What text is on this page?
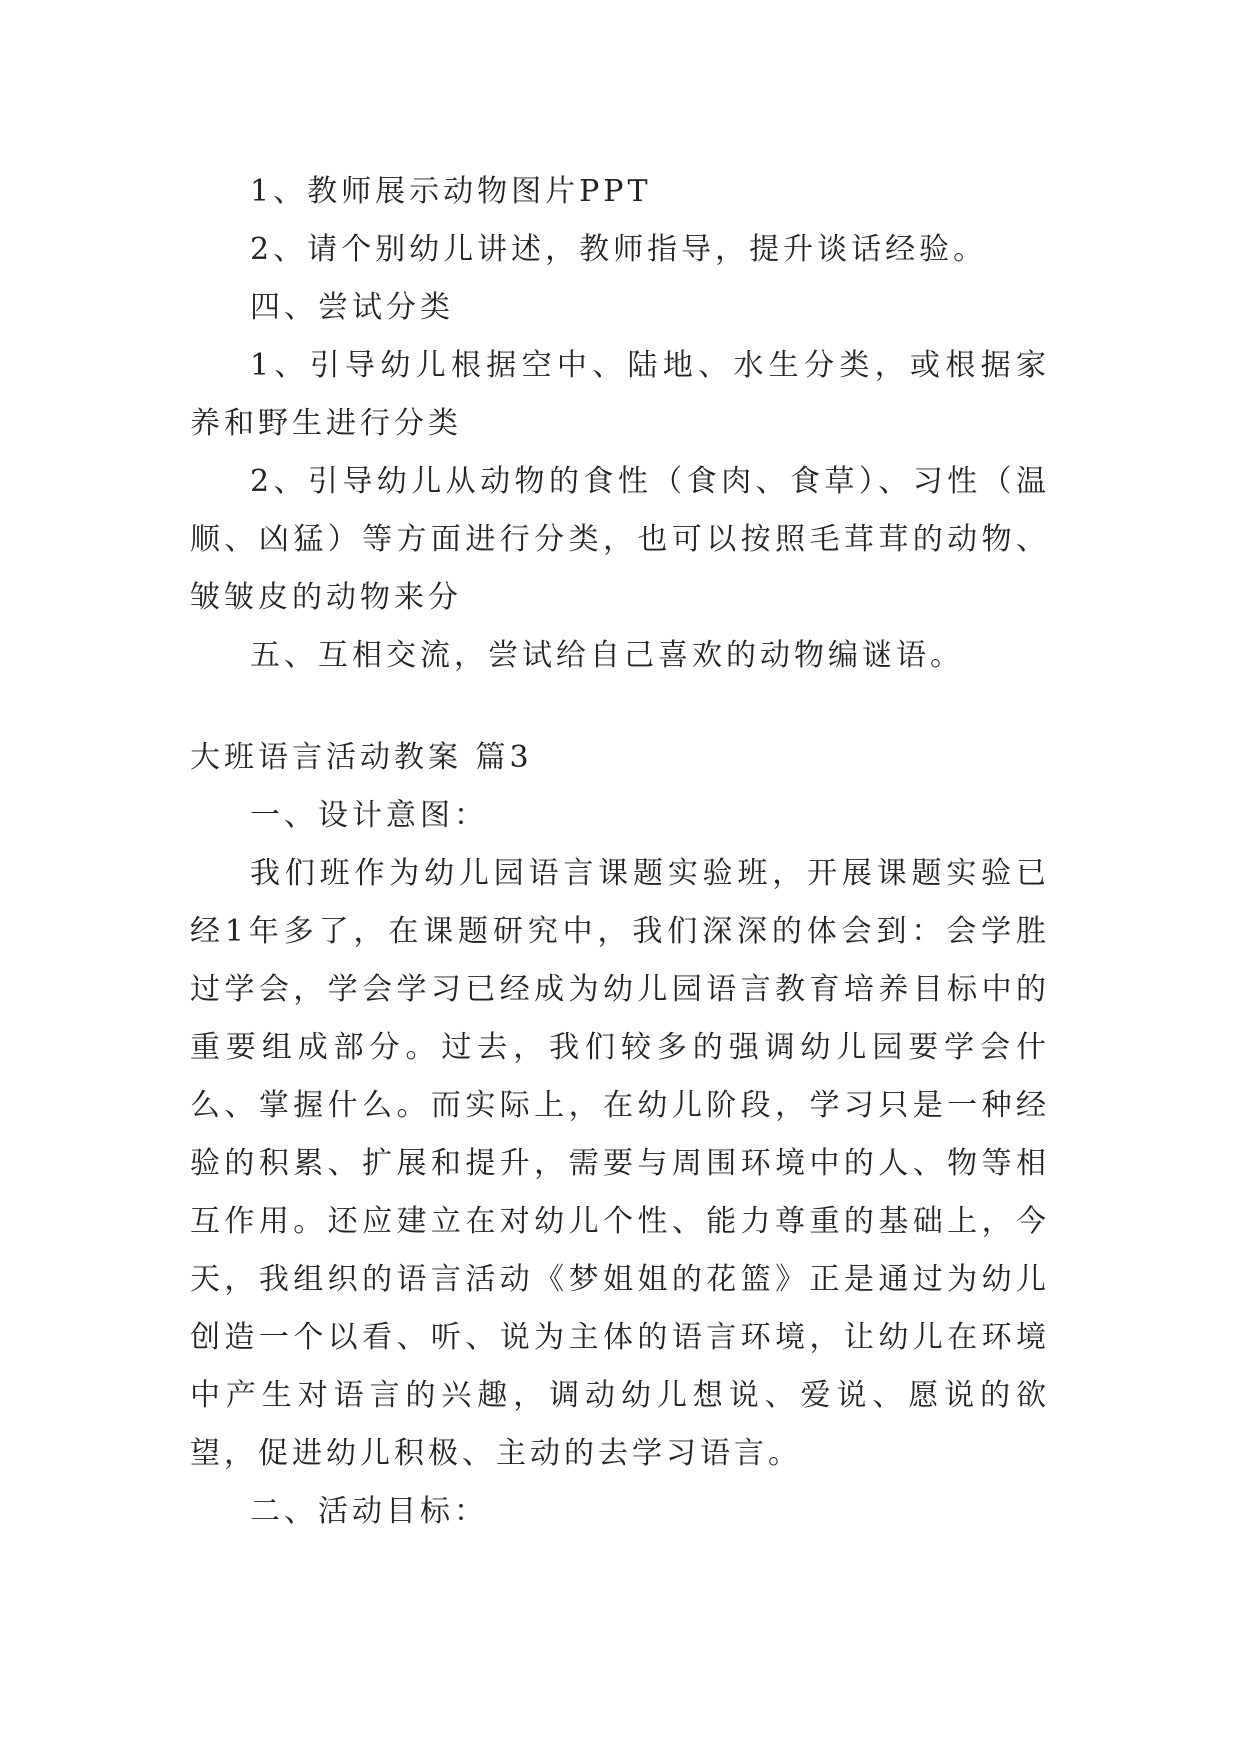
1、教师展示动物图片PPT

2、请个别幼儿讲述，教师指导，提升谈话经验。

四、尝试分类

1、引导幼儿根据空中、陆地、水生分类，或根据家养和野生进行分类

2、引导幼儿从动物的食性（食肉、食草）、习性（温顺、凶猛）等方面进行分类，也可以按照毛茸茸的动物、皱皱皮的动物来分

五、互相交流，尝试给自己喜欢的动物编谜语。

大班语言活动教案 篇3

一、设计意图：

我们班作为幼儿园语言课题实验班，开展课题实验已经1年多了，在课题研究中，我们深深的体会到：会学胜过学会，学会学习已经成为幼儿园语言教育培养目标中的重要组成部分。过去，我们较多的强调幼儿园要学会什么、掌握什么。而实际上，在幼儿阶段，学习只是一种经验的积累、扩展和提升，需要与周围环境中的人、物等相互作用。还应建立在对幼儿个性、能力尊重的基础上，今天，我组织的语言活动《梦姐姐的花篮》正是通过为幼儿创造一个以看、听、说为主体的语言环境，让幼儿在环境中产生对语言的兴趣，调动幼儿想说、爱说、愿说的欲望，促进幼儿积极、主动的去学习语言。

二、活动目标：
